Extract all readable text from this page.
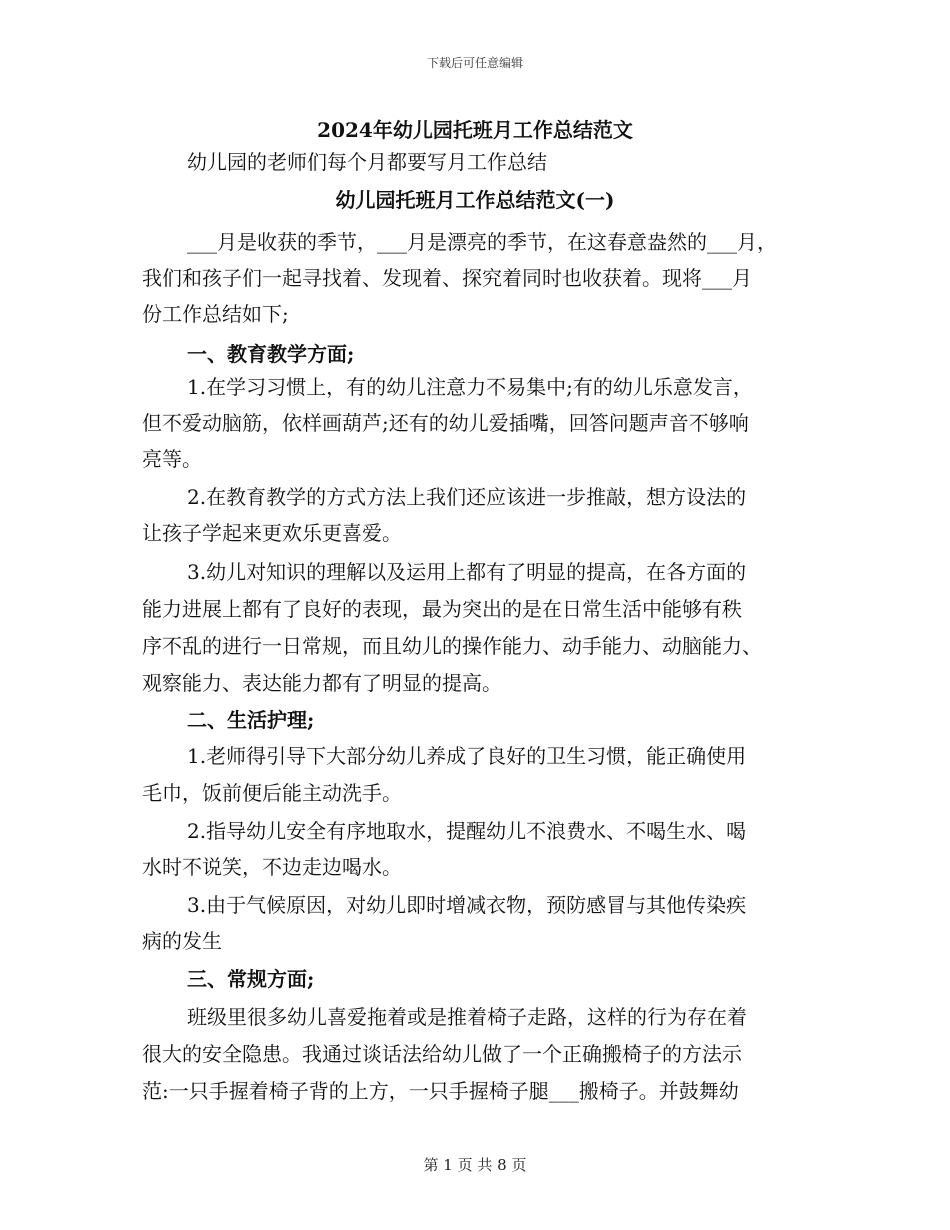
下载后可任意编辑
2024年幼儿园托班月工作总结范文
幼儿园的老师们每个月都要写月工作总结
幼儿园托班月工作总结范文(一)
___月是收获的季节，___月是漂亮的季节，在这春意盎然的___月，
我们和孩子们一起寻找着、发现着、探究着同时也收获着。现将___月
份工作总结如下;
一、教育教学方面;
1.在学习习惯上，有的幼儿注意力不易集中;有的幼儿乐意发言，
但不爱动脑筋，依样画葫芦;还有的幼儿爱插嘴，回答问题声音不够响
亮等。
2.在教育教学的方式方法上我们还应该进一步推敲，想方设法的
让孩子学起来更欢乐更喜爱。
3.幼儿对知识的理解以及运用上都有了明显的提高，在各方面的
能力进展上都有了良好的表现，最为突出的是在日常生活中能够有秩
序不乱的进行一日常规，而且幼儿的操作能力、动手能力、动脑能力、
观察能力、表达能力都有了明显的提高。
二、生活护理;
1.老师得引导下大部分幼儿养成了良好的卫生习惯，能正确使用
毛巾，饭前便后能主动洗手。
2.指导幼儿安全有序地取水，提醒幼儿不浪费水、不喝生水、喝
水时不说笑，不边走边喝水。
3.由于气候原因，对幼儿即时增减衣物，预防感冒与其他传染疾
病的发生
三、常规方面;
班级里很多幼儿喜爱拖着或是推着椅子走路，这样的行为存在着
很大的安全隐患。我通过谈话法给幼儿做了一个正确搬椅子的方法示
范:一只手握着椅子背的上方，一只手握椅子腿___搬椅子。并鼓舞幼
第 1 页 共 8 页
